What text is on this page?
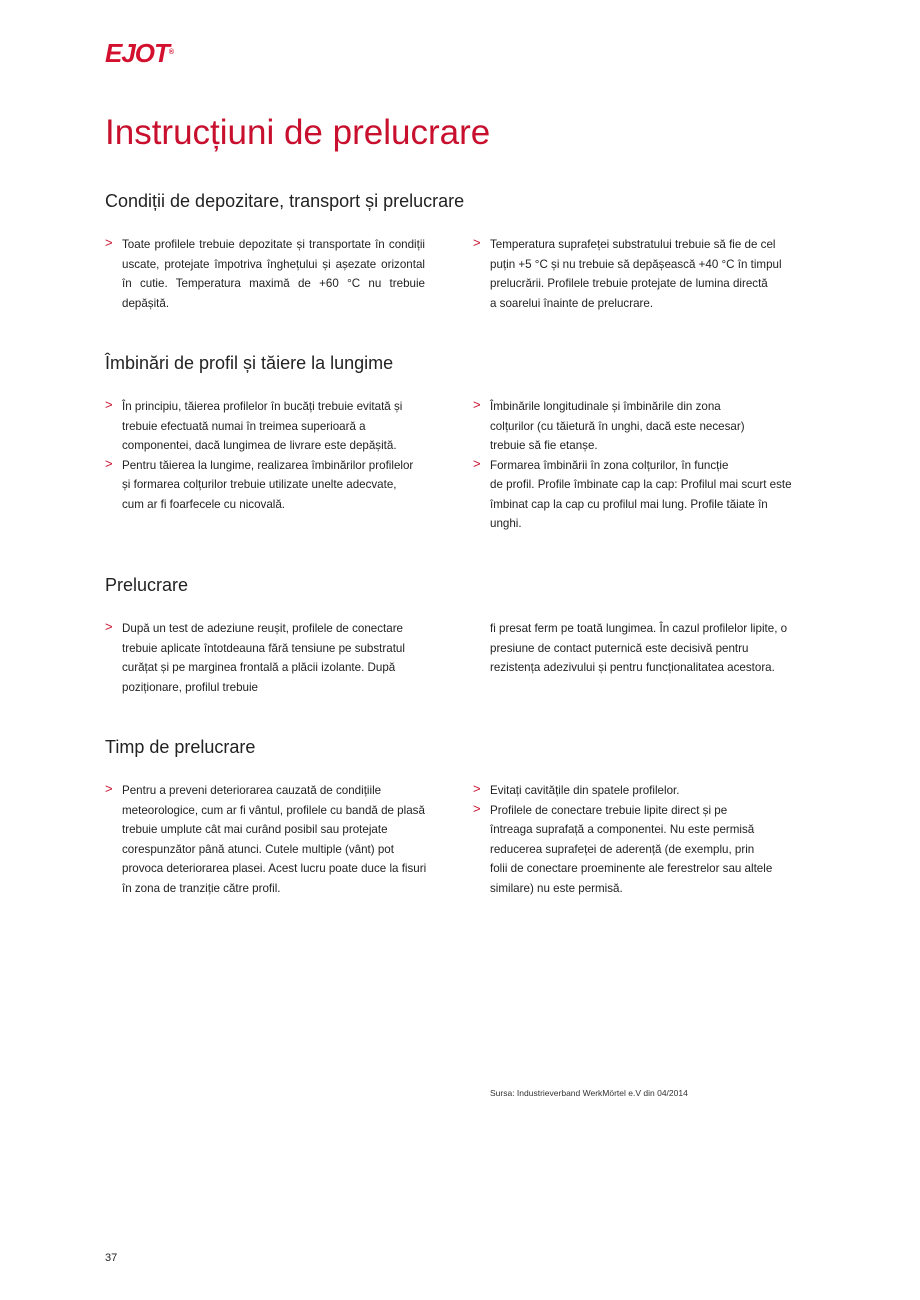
EJOT®
Instrucțiuni de prelucrare
Condiții de depozitare, transport și prelucrare
> Toate profilele trebuie depozitate și transportate în condiții uscate, protejate împotriva înghețului și așezate orizontal în cutie. Temperatura maximă de +60 °C nu trebuie depășită.
> Temperatura suprafeței substratului trebuie să fie de cel
puțin +5 °C și nu trebuie să depășească +40 °C în timpul
prelucrării. Profilele trebuie protejate de lumina directă
a soarelui înainte de prelucrare.
Îmbinări de profil și tăiere la lungime
> În principiu, tăierea profilelor în bucăți trebuie evitată și
trebuie efectuată numai în treimea superioară a
componentei, dacă lungimea de livrare este depășită.
> Pentru tăierea la lungime, realizarea îmbinărilor profilelor
și formarea colțurilor trebuie utilizate unelte adecvate,
cum ar fi foarfecele cu nicovală.
> Îmbinările longitudinale și îmbinările din zona
colțurilor (cu tăietură în unghi, dacă este necesar)
trebuie să fie etanșe.
> Formarea îmbinării în zona colțurilor, în funcție
de profil. Profile îmbinate cap la cap: Profilul mai scurt este
îmbinat cap la cap cu profilul mai lung. Profile tăiate în
unghi.
Prelucrare
> După un test de adeziune reușit, profilele de conectare
trebuie aplicate întotdeauna fără tensiune pe substratul
curățat și pe marginea frontală a plăcii izolante. După
poziționare, profilul trebuie
fi presat ferm pe toată lungimea. În cazul profilelor lipite, o
presiune de contact puternică este decisivă pentru
rezistența adezivului și pentru funcționalitatea acestora.
Timp de prelucrare
> Pentru a preveni deteriorarea cauzată de condițiile
meteorologice, cum ar fi vântul, profilele cu bandă de plasă
trebuie umplute cât mai curând posibil sau protejate
corespunzător până atunci. Cutele multiple (vânt) pot
provoca deteriorarea plasei. Acest lucru poate duce la fisuri
în zona de tranziție către profil.
> Evitați cavitățile din spatele profilelor.
> Profilele de conectare trebuie lipite direct și pe
întreaga suprafață a componentei. Nu este permisă
reducerea suprafeței de aderență (de exemplu, prin
folii de conectare proeminente ale ferestrelor sau altele
similare) nu este permisă.
Sursa: Industrieverband WerkMörtel e.V din 04/2014
37
